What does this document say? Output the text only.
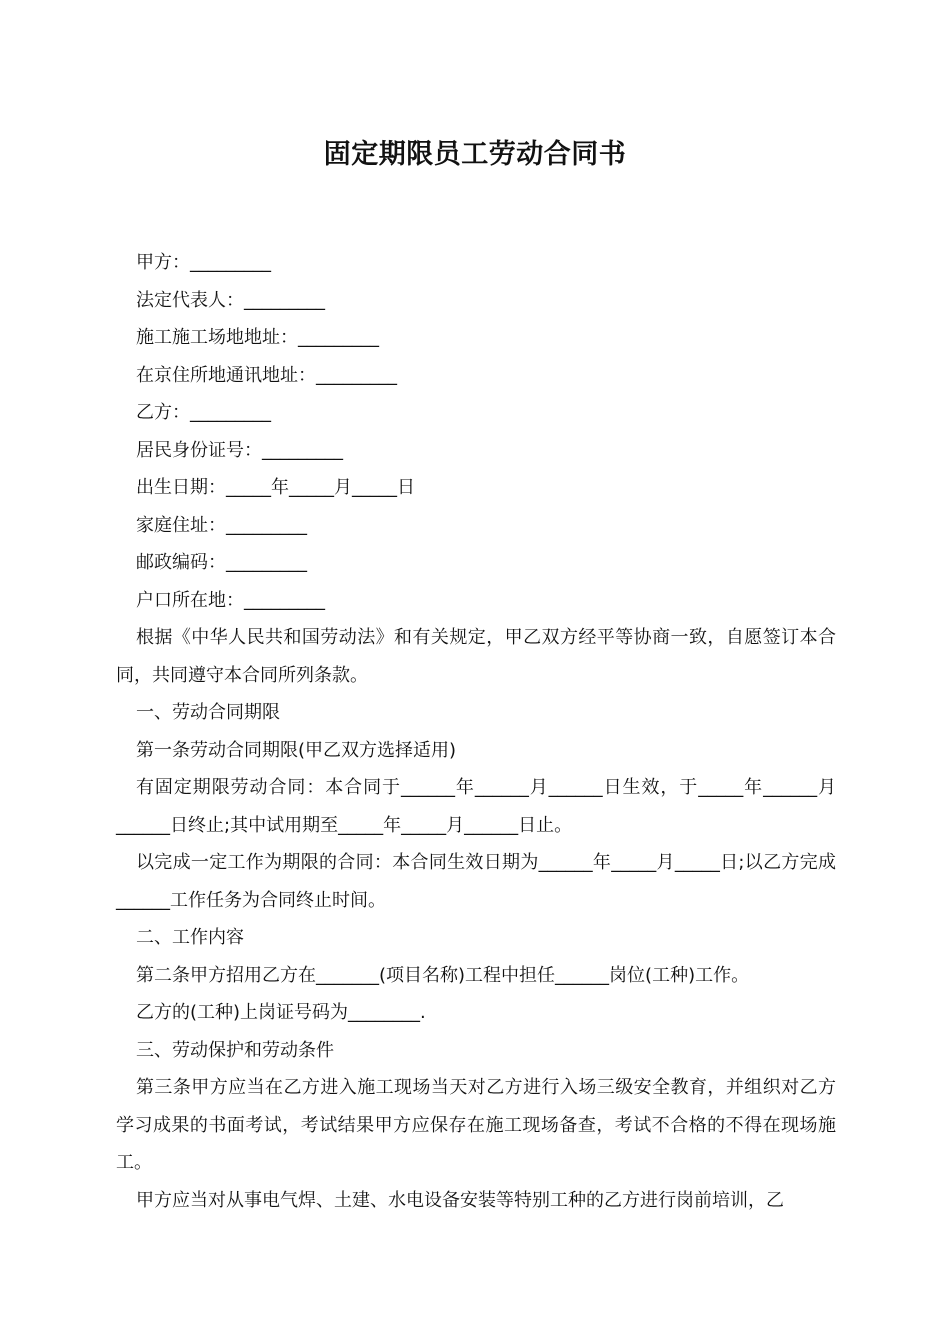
固定期限员工劳动合同书

甲方：_________

法定代表人：_________

施工施工场地地址：_________

在京住所地通讯地址：_________

乙方：_________

居民身份证号：_________

出生日期：_____年_____月_____日

家庭住址：_________

邮政编码：_________

户口所在地：_________

根据《中华人民共和国劳动法》和有关规定，甲乙双方经平等协商一致，自愿签订本合同，共同遵守本合同所列条款。

一、劳动合同期限

第一条劳动合同期限(甲乙双方选择适用)

有固定期限劳动合同：本合同于______年______月______日生效，于_____年______月______日终止;其中试用期至_____年_____月______日止。

以完成一定工作为期限的合同：本合同生效日期为______年_____月_____日;以乙方完成______工作任务为合同终止时间。

二、工作内容

第二条甲方招用乙方在_______(项目名称)工程中担任______岗位(工种)工作。

乙方的(工种)上岗证号码为________.

三、劳动保护和劳动条件

第三条甲方应当在乙方进入施工现场当天对乙方进行入场三级安全教育，并组织对乙方学习成果的书面考试，考试结果甲方应保存在施工现场备查，考试不合格的不得在现场施工。

甲方应当对从事电气焊、土建、水电设备安装等特别工种的乙方进行岗前培训，乙
